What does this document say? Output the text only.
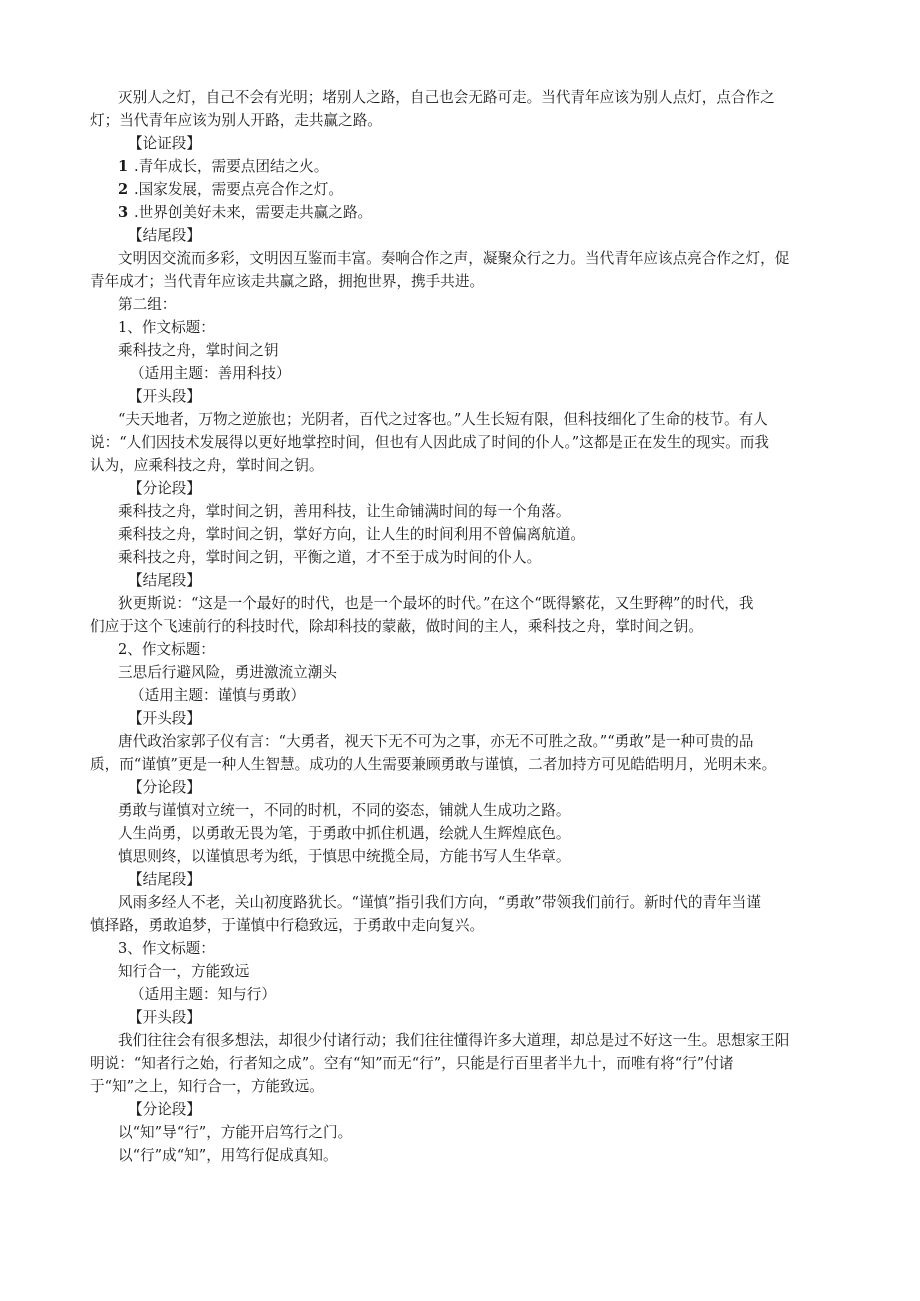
灭别人之灯，自己不会有光明；堵别人之路，自己也会无路可走。当代青年应该为别人点灯，点合作之
灯；当代青年应该为别人开路，走共赢之路。
【论证段】
1 .青年成长，需要点团结之火。
2 .国家发展，需要点亮合作之灯。
3 .世界创美好未来，需要走共赢之路。
【结尾段】
文明因交流而多彩，文明因互鉴而丰富。奏响合作之声，凝聚众行之力。当代青年应该点亮合作之灯，促
青年成才；当代青年应该走共赢之路，拥抱世界，携手共进。
第二组：
1、作文标题：
乘科技之舟，掌时间之钥
（适用主题：善用科技）
【开头段】
“夫天地者，万物之逆旅也；光阴者，百代之过客也。”人生长短有限，但科技细化了生命的枝节。有人
说：“人们因技术发展得以更好地掌控时间，但也有人因此成了时间的仆人。”这都是正在发生的现实。而我
认为，应乘科技之舟，掌时间之钥。
【分论段】
乘科技之舟，掌时间之钥，善用科技，让生命铺满时间的每一个角落。
乘科技之舟，掌时间之钥，掌好方向，让人生的时间利用不曾偏离航道。
乘科技之舟，掌时间之钥，平衡之道，才不至于成为时间的仆人。
【结尾段】
狄更斯说：“这是一个最好的时代，也是一个最坏的时代。”在这个“既得繁花，又生野稗”的时代，我
们应于这个飞速前行的科技时代，除却科技的蒙蔽，做时间的主人，乘科技之舟，掌时间之钥。
2、作文标题：
三思后行避风险，勇进激流立潮头
（适用主题：谨慎与勇敢）
【开头段】
唐代政治家郭子仪有言：“大勇者，视天下无不可为之事，亦无不可胜之敌。”“勇敢”是一种可贵的品
质，而“谨慎”更是一种人生智慧。成功的人生需要兼顾勇敢与谨慎，二者加持方可见皓皓明月，光明未来。
【分论段】
勇敢与谨慎对立统一，不同的时机，不同的姿态，铺就人生成功之路。
人生尚勇，以勇敢无畏为笔，于勇敢中抓住机遇，绘就人生辉煌底色。
慎思则终，以谨慎思考为纸，于慎思中统揽全局，方能书写人生华章。
【结尾段】
风雨多经人不老，关山初度路犹长。“谨慎”指引我们方向，“勇敢”带领我们前行。新时代的青年当谨
慎择路，勇敢追梦，于谨慎中行稳致远，于勇敢中走向复兴。
3、作文标题：
知行合一，方能致远
（适用主题：知与行）
【开头段】
我们往往会有很多想法，却很少付诸行动；我们往往懂得许多大道理，却总是过不好这一生。思想家王阳
明说：“知者行之始，行者知之成”。空有“知”而无“行”，只能是行百里者半九十，而唯有将“行”付诸
于“知”之上，知行合一，方能致远。
【分论段】
以“知”导“行”，方能开启笃行之门。
以“行”成“知”，用笃行促成真知。
